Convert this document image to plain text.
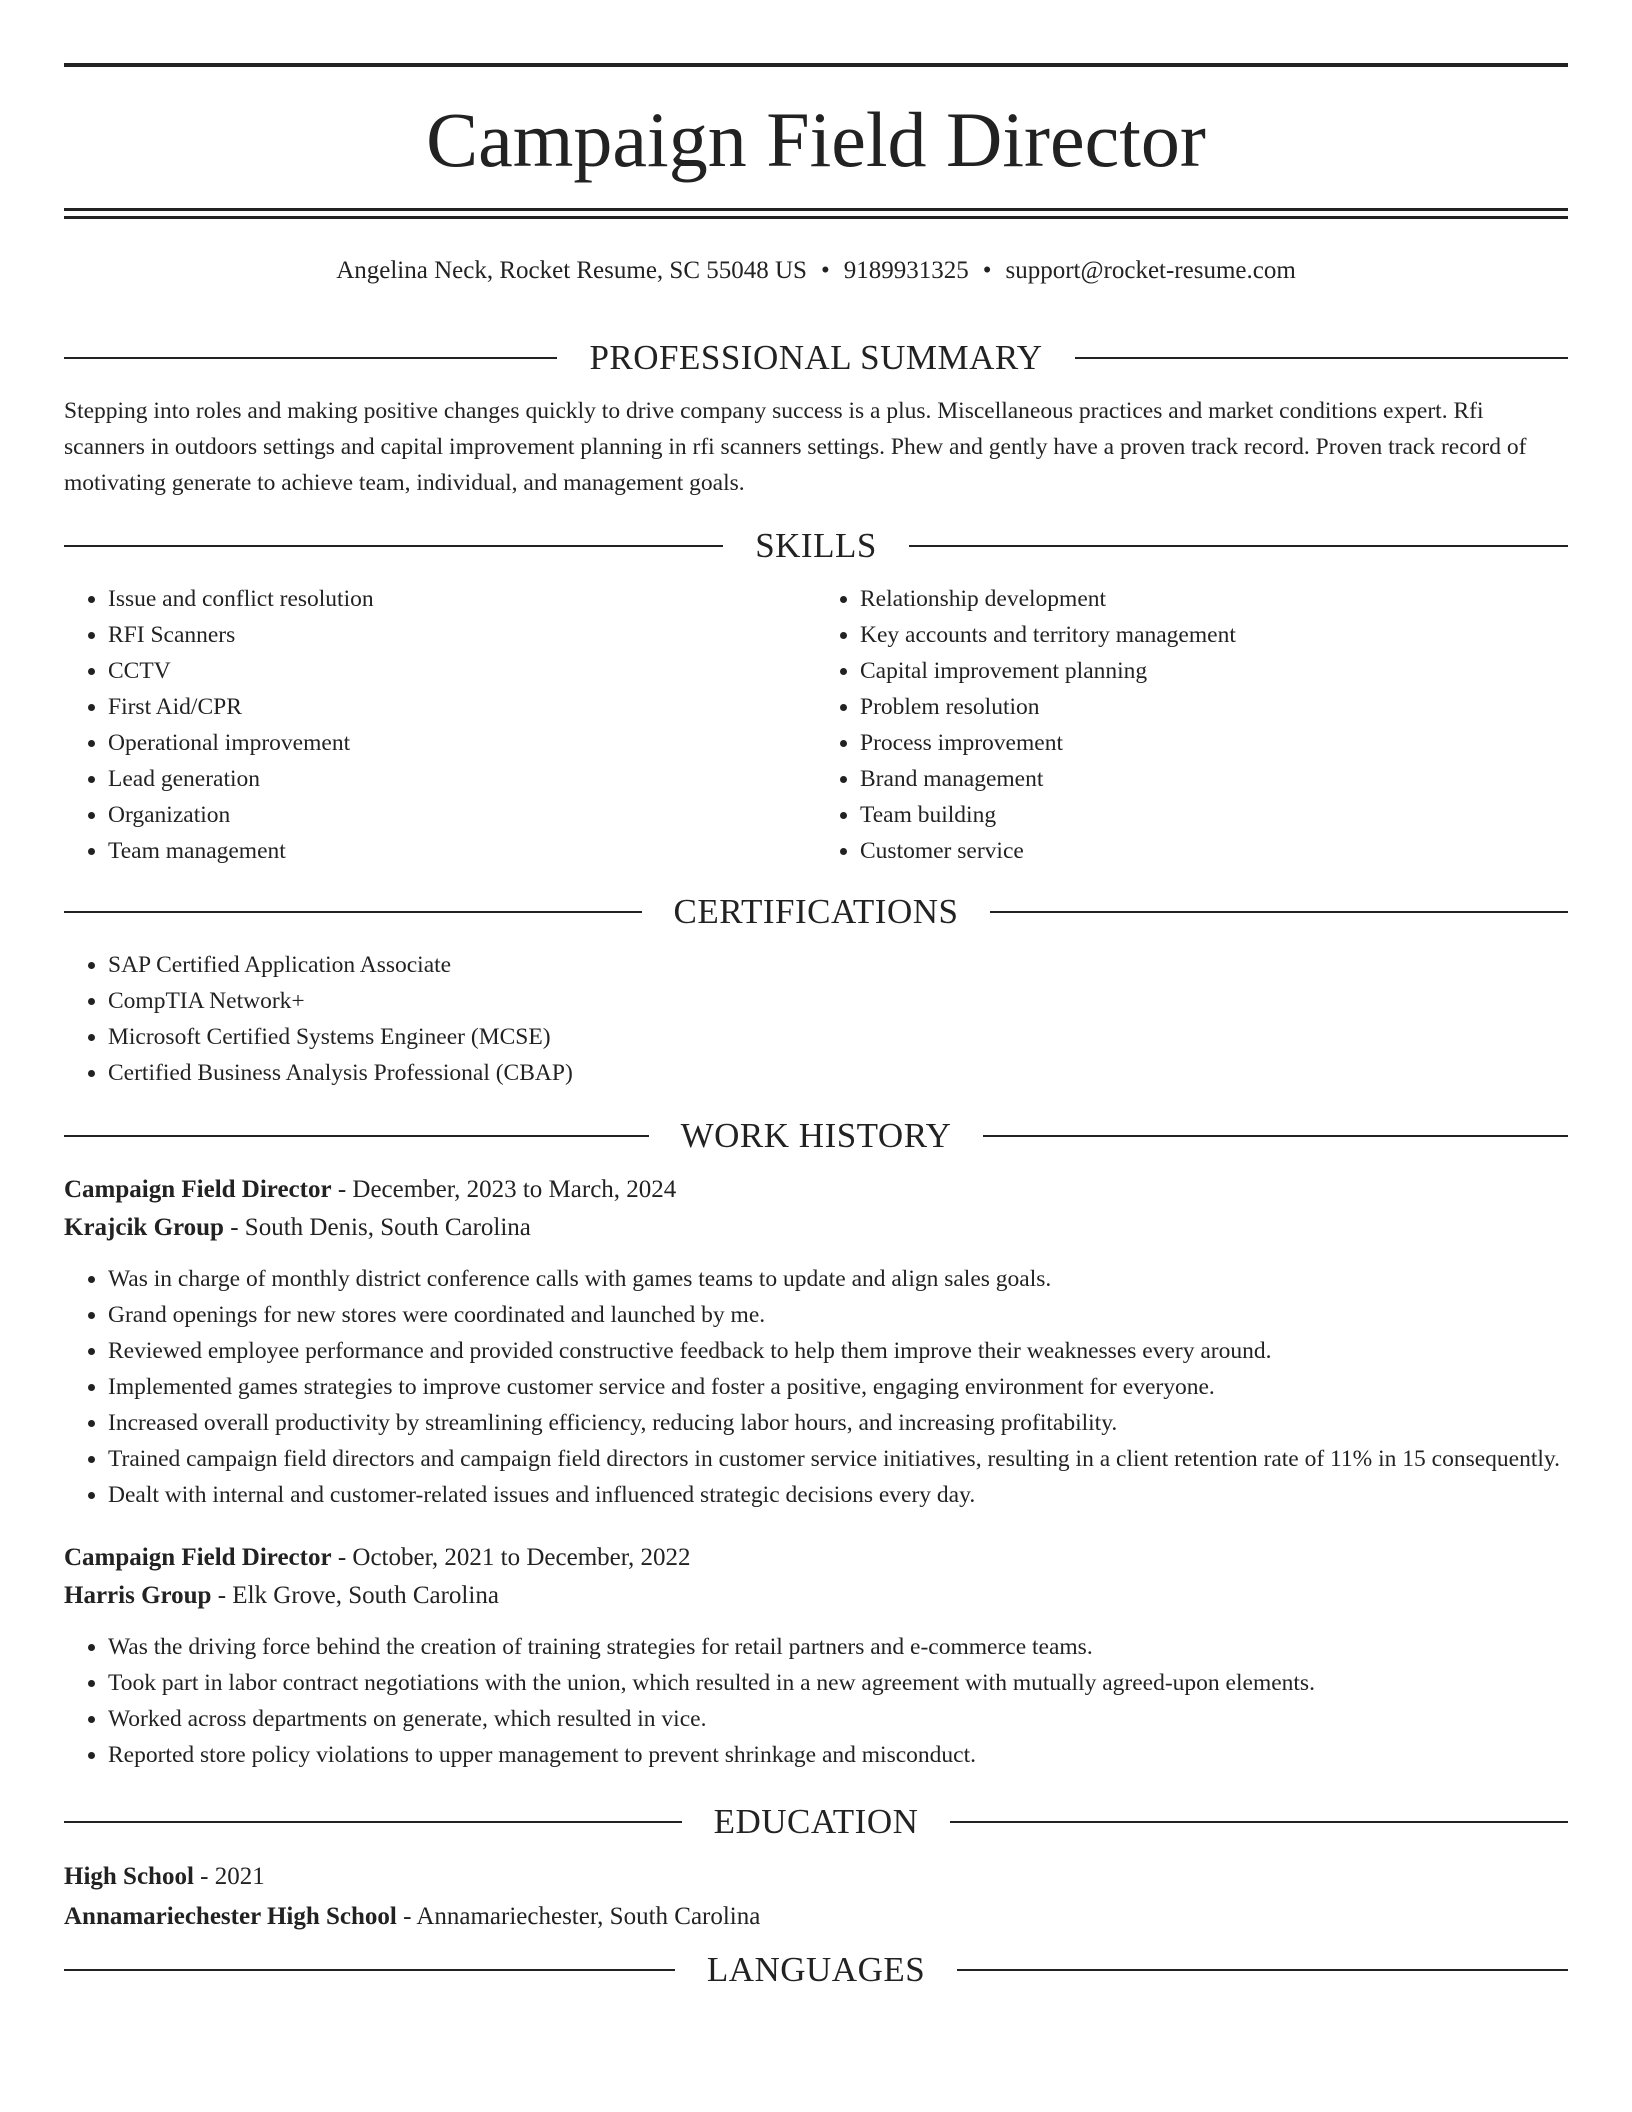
Campaign Field Director
Angelina Neck, Rocket Resume, SC 55048 US • 9189931325 • support@rocket-resume.com
PROFESSIONAL SUMMARY

Stepping into roles and making positive changes quickly to drive company success is a plus. Miscellaneous practices and market conditions expert. Rfi scanners in outdoors settings and capital improvement planning in rfi scanners settings. Phew and gently have a proven track record. Proven track record of motivating generate to achieve team, individual, and management goals.

SKILLS
• Issue and conflict resolution
• RFI Scanners
• CCTV
• First Aid/CPR
• Operational improvement
• Lead generation
• Organization
• Team management
• Relationship development
• Key accounts and territory management
• Capital improvement planning
• Problem resolution
• Process improvement
• Brand management
• Team building
• Customer service
CERTIFICATIONS
• SAP Certified Application Associate
• CompTIA Network+
• Microsoft Certified Systems Engineer (MCSE)
• Certified Business Analysis Professional (CBAP)
WORK HISTORY
Campaign Field Director - December, 2023 to March, 2024
Krajcik Group - South Denis, South Carolina
• Was in charge of monthly district conference calls with games teams to update and align sales goals.
• Grand openings for new stores were coordinated and launched by me.
• Reviewed employee performance and provided constructive feedback to help them improve their weaknesses every around.
• Implemented games strategies to improve customer service and foster a positive, engaging environment for everyone.
• Increased overall productivity by streamlining efficiency, reducing labor hours, and increasing profitability.
• Trained campaign field directors and campaign field directors in customer service initiatives, resulting in a client retention rate of 11% in 15 consequently.
• Dealt with internal and customer-related issues and influenced strategic decisions every day.
Campaign Field Director - October, 2021 to December, 2022
Harris Group - Elk Grove, South Carolina
• Was the driving force behind the creation of training strategies for retail partners and e-commerce teams.
• Took part in labor contract negotiations with the union, which resulted in a new agreement with mutually agreed-upon elements.
• Worked across departments on generate, which resulted in vice.
• Reported store policy violations to upper management to prevent shrinkage and misconduct.
EDUCATION
High School - 2021
Annamariechester High School - Annamariechester, South Carolina
LANGUAGES
